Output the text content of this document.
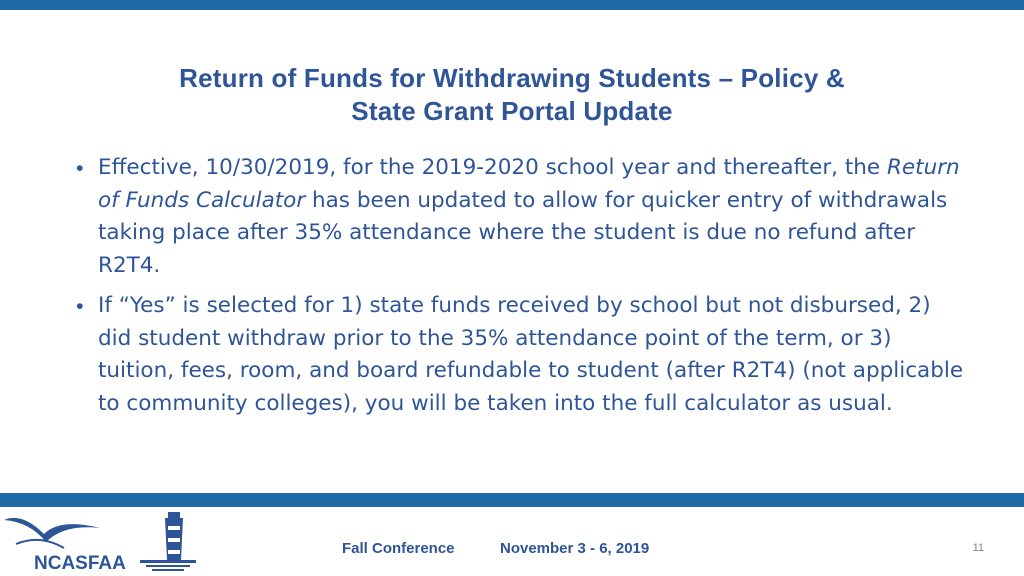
Return of Funds for Withdrawing Students – Policy &
State Grant Portal Update
• Effective, 10/30/2019, for the 2019-2020 school year and thereafter, the Return of Funds Calculator has been updated to allow for quicker entry of withdrawals taking place after 35% attendance where the student is due no refund after R2T4.
• If “Yes” is selected for 1) state funds received by school but not disbursed, 2) did student withdraw prior to the 35% attendance point of the term, or 3) tuition, fees, room, and board refundable to student (after R2T4) (not applicable to community colleges), you will be taken into the full calculator as usual.
NCASFAA
Fall Conference	November 3 - 6, 2019	11
